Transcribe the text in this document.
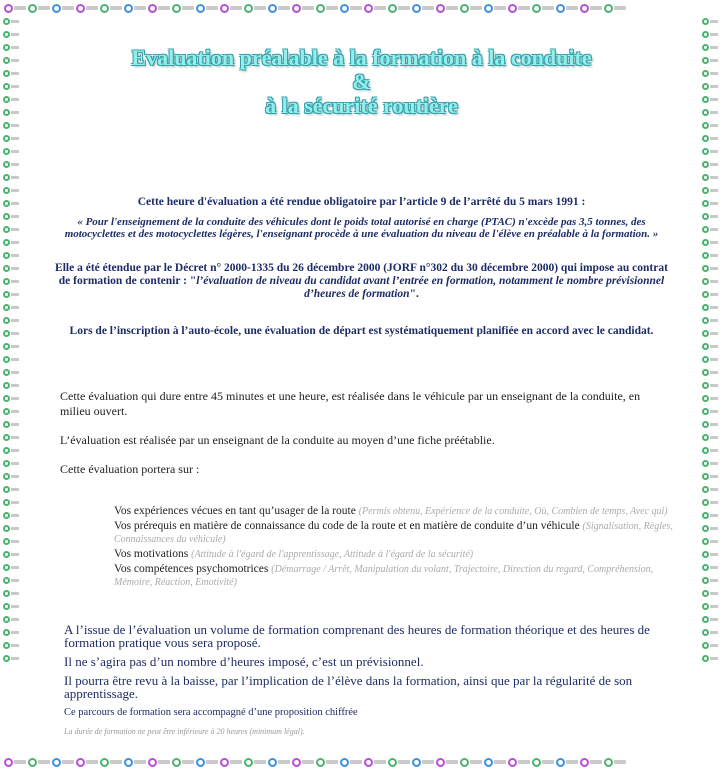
Evaluation préalable à la formation à la conduite
&
à la sécurité routière
Cette heure d'évaluation a été rendue obligatoire par l’article 9 de l’arrêté du 5 mars 1991 :
« Pour l'enseignement de la conduite des véhicules dont le poids total autorisé en charge (PTAC) n'excède pas 3,5 tonnes, des motocyclettes et des motocyclettes légères, l'enseignant procède à une évaluation du niveau de l'élève en préalable à la formation. »
Elle a été étendue par le Décret n° 2000-1335 du 26 décembre 2000 (JORF n°302 du 30 décembre 2000) qui impose au contrat de formation de contenir : "l’évaluation de niveau du candidat avant l’entrée en formation, notamment le nombre prévisionnel d’heures de formation".
Lors de l’inscription à l’auto-école, une évaluation de départ est systématiquement planifiée en accord avec le candidat.
Cette évaluation qui dure entre 45 minutes et une heure, est réalisée dans le véhicule par un enseignant de la conduite, en milieu ouvert.
L’évaluation est réalisée par un enseignant de la conduite au moyen d’une fiche préétablie.
Cette évaluation portera sur :
Vos expériences vécues en tant qu’usager de la route (Permis obtenu, Expérience de la conduite, Où, Combien de temps, Avec qui)
Vos prérequis en matière de connaissance du code de la route et en matière de conduite d’un véhicule (Signalisation, Règles, Connaissances du véhicule)
Vos motivations (Attitude à l'égard de l'apprentissage, Attitude à l'égard de la sécurité)
Vos compétences psychomotrices (Démarrage / Arrêt, Manipulation du volant, Trajectoire, Direction du regard, Compréhension, Mémoire, Réaction, Emotivité)
A l’issue de l’évaluation un volume de formation comprenant des heures de formation théorique et des heures de formation pratique vous sera proposé.
Il ne s’agira pas d’un nombre d’heures imposé, c’est un prévisionnel.
Il pourra être revu à la baisse, par l’implication de l’élève dans la formation, ainsi que par la régularité de son apprentissage.
Ce parcours de formation sera accompagné d’une proposition chiffrée
La durée de formation ne peut être inférieure à 20 heures (minimum légal).
